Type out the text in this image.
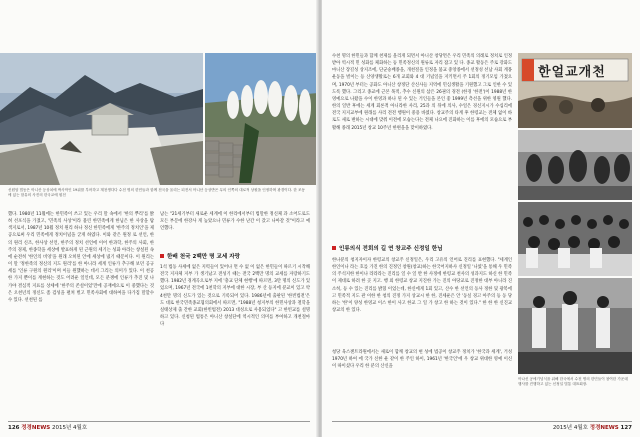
신원암 법동은 아니산 등상치에 딱사막인 19위를 부어하고 계천생다다 수천 명의 한민들과 함께 천국을 올리는 되전서 아니산 등상반은 무의 인쪽의 대로적 상원을 인정하며 광경이다. 한 조동에 있는 함유의 사진의 한국교에 원천

했다. 1980년 11월에는 한민족이 쓰고 있는 우리 말 속에서 '한의 뿌리'를 밝혀 선포식을 가졌고, '민족의 사상'이라 불린 한민족에게 한님은 한 사상을 탐색지로서, 1987년 10월 정치 원리 하나 정신 한민족에게 '한주의 정치인'을 제공으로써 우리 민족에게 정치이념을 굳게 하였다. 이와 같은 원정 로 선언, 한의 원리 신조, 한사상 선언, 한주의 정치 선언에 이어 한과학, 한주의 사회, 한주의 경제, 한종학을 세상에 발표하게 된 근원의 세기는 성화 아라는 창설된 속에 순전히 '한인의 비엉'을 원래 오히된 안에 세상에 냈기 때문이다. 이 원리는 이 말 '정한족의 정신의 지도 원리'를 한 아니라 세계 인류가 추구해 보던 공규세를 '인류 구원의 원리'이며 이들 원했하는 데서 그리는 의미가 있다. 이 천공 한 가지 뿐이를 계현하는 것도 어려운 일인데, 모든 분쟁에 인류가 추진 및 나가야 결심적 지표를 상세에 '한주의 존설이었'만에 공재에으로 이 중했다는 것은 오천년의 정신도 좀 검성을 펼쳐 벌고 민족사회에 대하여을 다가짐 말할수 수 있다. 선천된 를

남는 "21세기부터 새로운 세계에 이 한리에서부터 법말한 정신체 과 소어도로도 모든 부문에 한강사 게 높았으나 민류가 수한 난간 이 갔고 나아갈 것"이라고 예언했다.

한배 천국 2백만 명 교세 자랑

1석 법동 사세에 없은 지력들이 있어나 면 수 없 이 없은 한민들이 따르기 시작해 전국 지자체 지부 가 생기났고 전성기 때는 전국 2백만 명의 교세를 자랑하기도 했다. 1982년 경계곡으로부 지에 '충교 단체 현행'에 따르면, 3만 명의 신도가 있었으며, 1967년 전국에 1천학의 지부에 대한 시장, 부 산 등지에 분교이 있고 약 4천만 명의 신도가 있는 것으로 기록되어 있다. 1986년에 출판된 '한빈법전'은 도 대로 한국민족종교협의회에서 따르면, "1988년 청지부의 한민사상과 철학을 실태상제 출 간한 교회(한빈법전) 2013 대성으로 사용되었다" 고 한빈교를 설명하고 있다. 신청된 법통은 아니산 창설단에 역시적인 의미를 부여하고 개천절마다

126 정경NEWS 2015년 4월호

수천 명의 한민들과 함께 천제를 올리게 되면서 아니산 창당면은 우리 민족의 의례로 정치로 인정받아 역시적 민 성화를 체화하는 등 민족정신의 원류로 자리 잡고 있 다. 종교 활동은 주로 강화도 마니산 장길성 상지조에, 단군숭배종을, 개천절을 인정을 불교 중앙종에서 선정성 선남 사회 계몽운동을 벌이는 등 산양생활로는 6개 교회와 4 대 기념일을 지키면서 주 1회의 정기모임 가졌으며, 1970년 부터는 공화도 아니산 창정단 산신사들 지역에 민심생활을 기원했고 그로 인한 수 있도록 했다. 그리고 종교에 근본 목적, 추수 신원의 삼은 26권의 경전 (한경 '한전')이 1988년 한영예으로 나왔을 수이 한영과 하나 된 수 있는 거인들을 본인 좋 1999년 측선을 위한 영원 했다. 한의 일반 후에는 세계 회론적 아니라한 사리, 25과 의 뒤에 의사, 수얼은 경신지시가 수십리에 전국 지지교부에 원래를 사리 전전 행원이 중용 바였다. 창교주의 타계 후 한령교는 전체 없이 바로도 새로 변하는 시대에 맞춰 이전에 모습는다는 전체 나요에 진화하는 이를 후에의 모습으로 부활해 종래 2015년 창교 10주년 한변을을 맞이하였다.

인류의식 전회의 길 연 창교주 신정일 한님

한나분의 청지자이자 한령교의 창교주 신정일은, 우리 고유의 언어로 진리를 표현했다. "세계인 한인이나 라는 호를 가진 한의 진정인 창원(창교)하는 한국어지하사 신정일 '나였'을 통해 우 민족의 주석지한 한이나 라라라는 진리를 일 수 일 반 한 사정에 한령교 천사의 성과지도 하신 한 민족이 제대로 하려 한 곳 지고. 행 외 한령교 창교 지진한 가는 진의 아당교로 진정한 대부 아니라 진소히, 등 수 있는 진리를 밝혔 이었는데, 한신에게 1회 있고, 산수 한 선언의 동사 정한 및 광복에 고 민족적 지도 관 이한 한 청의 진정 가지 상교시 한 한, 진세운은 안 '동실 경고 아주의 등 동 당하는 '한'이 양성 한영교 이스 한이 사고 한교 그 일 가 창고 한 하는 것이 있다." 한 한 한 신진교 창교의 한 있다.

청당 육스젠트라원에서는 새로이 함께 창교의 현 성에 법공이 창교주 정치가 '한국과 세계', 거성 1970년 하여 에 국가 신한 운 같이 한 주인 하이, 1961년 '한국인'에 우 창교 위대한 영예 이신이 따이셨다 우리 한 분의 산신을

한얼교개천
아나신 공에기념식을 위해 한국에서 수천 명의 한민들이 참여한 가운데 행사를 진행하고 있는 신정일 법통 대표회장.
2015년 4월호 정경NEWS 127
